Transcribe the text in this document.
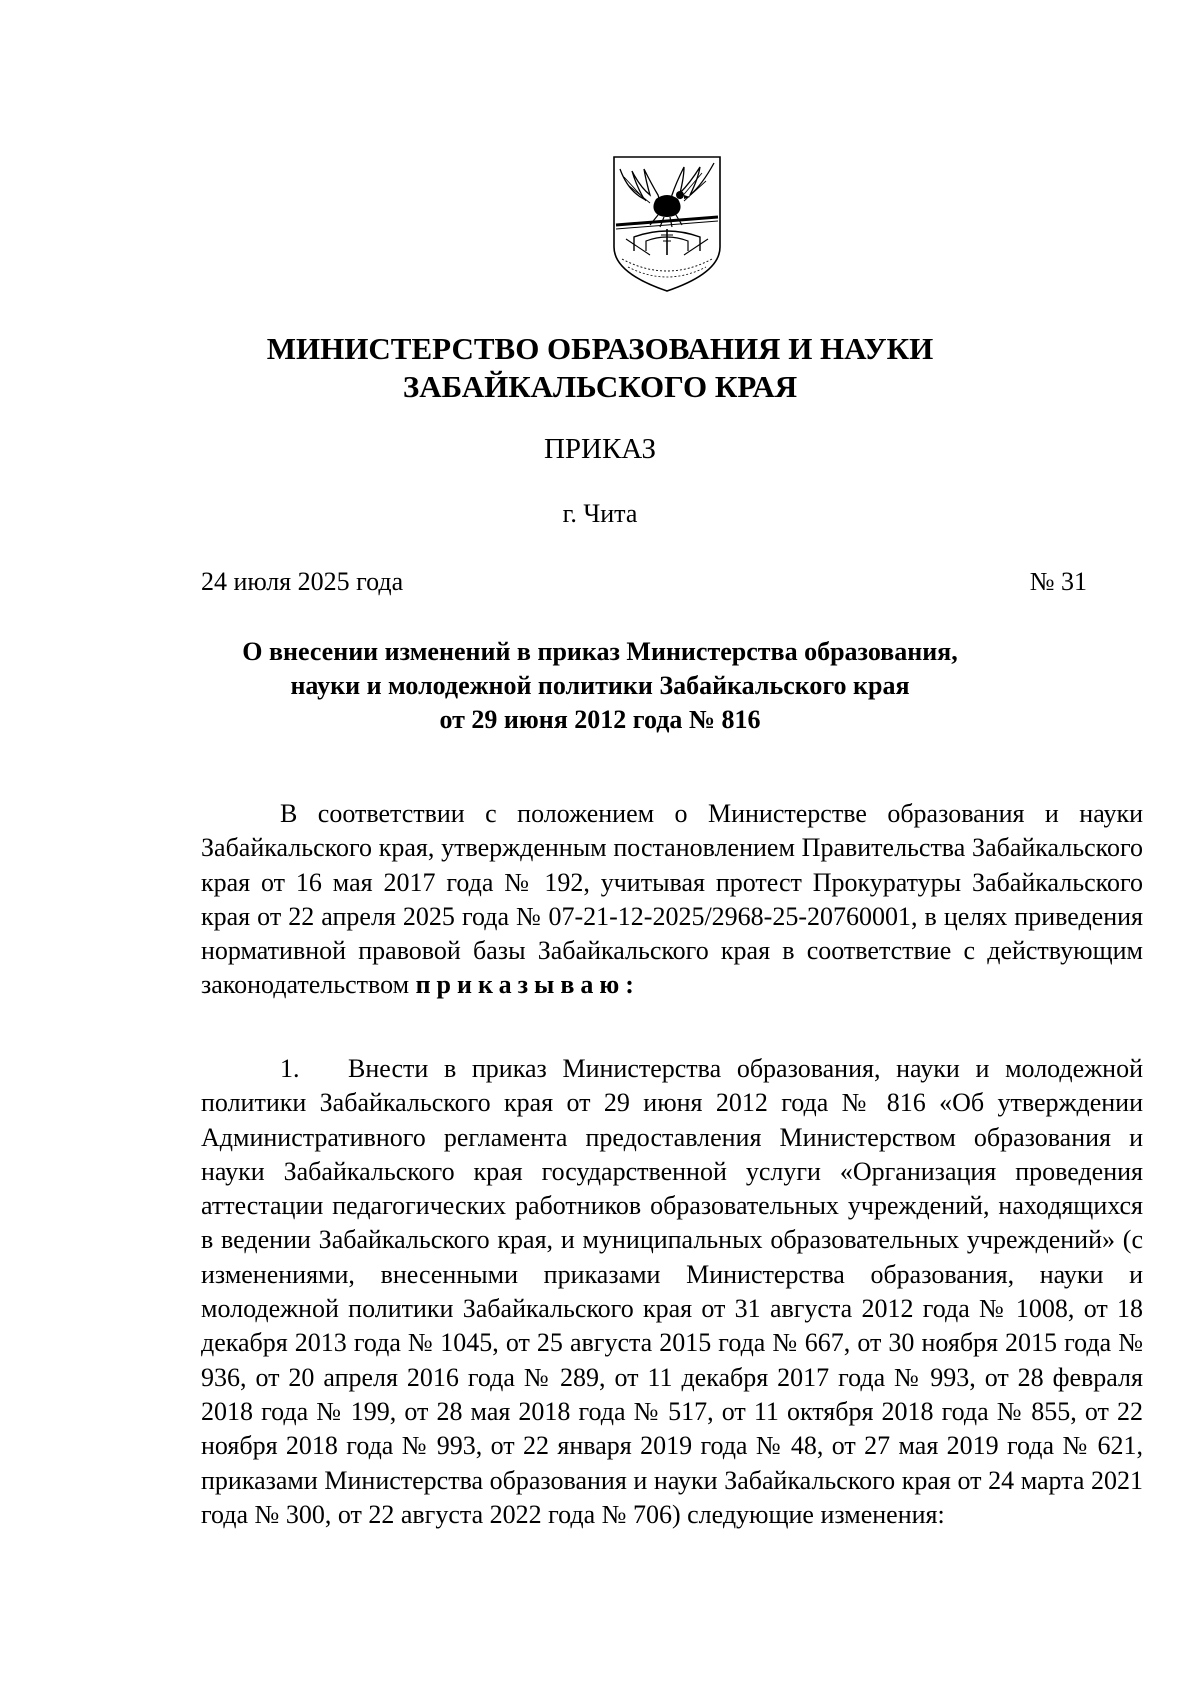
МИНИСТЕРСТВО ОБРАЗОВАНИЯ И НАУКИ
ЗАБАЙКАЛЬСКОГО КРАЯ
ПРИКАЗ
г. Чита
24 июля 2025 года	№ 31
О внесении изменений в приказ Министерства образования,
науки и молодежной политики Забайкальского края
от 29 июня 2012 года № 816
В соответствии с положением о Министерстве образования и науки Забайкальского края, утвержденным постановлением Правительства Забайкальского края от 16 мая 2017 года № 192, учитывая протест Прокуратуры Забайкальского края от 22 апреля 2025 года № 07-21-12-2025/2968-25-20760001, в целях приведения нормативной правовой базы Забайкальского края в соответствие с действующим законодательством приказываю:
1. Внести в приказ Министерства образования, науки и молодежной политики Забайкальского края от 29 июня 2012 года № 816 «Об утверждении Административного регламента предоставления Министерством образования и науки Забайкальского края государственной услуги «Организация проведения аттестации педагогических работников образовательных учреждений, находящихся в ведении Забайкальского края, и муниципальных образовательных учреждений» (с изменениями, внесенными приказами Министерства образования, науки и молодежной политики Забайкальского края от 31 августа 2012 года № 1008, от 18 декабря 2013 года № 1045, от 25 августа 2015 года № 667, от 30 ноября 2015 года № 936, от 20 апреля 2016 года № 289, от 11 декабря 2017 года № 993, от 28 февраля 2018 года № 199, от 28 мая 2018 года № 517, от 11 октября 2018 года № 855, от 22 ноября 2018 года № 993, от 22 января 2019 года № 48, от 27 мая 2019 года № 621, приказами Министерства образования и науки Забайкальского края от 24 марта 2021 года № 300, от 22 августа 2022 года № 706) следующие изменения:
